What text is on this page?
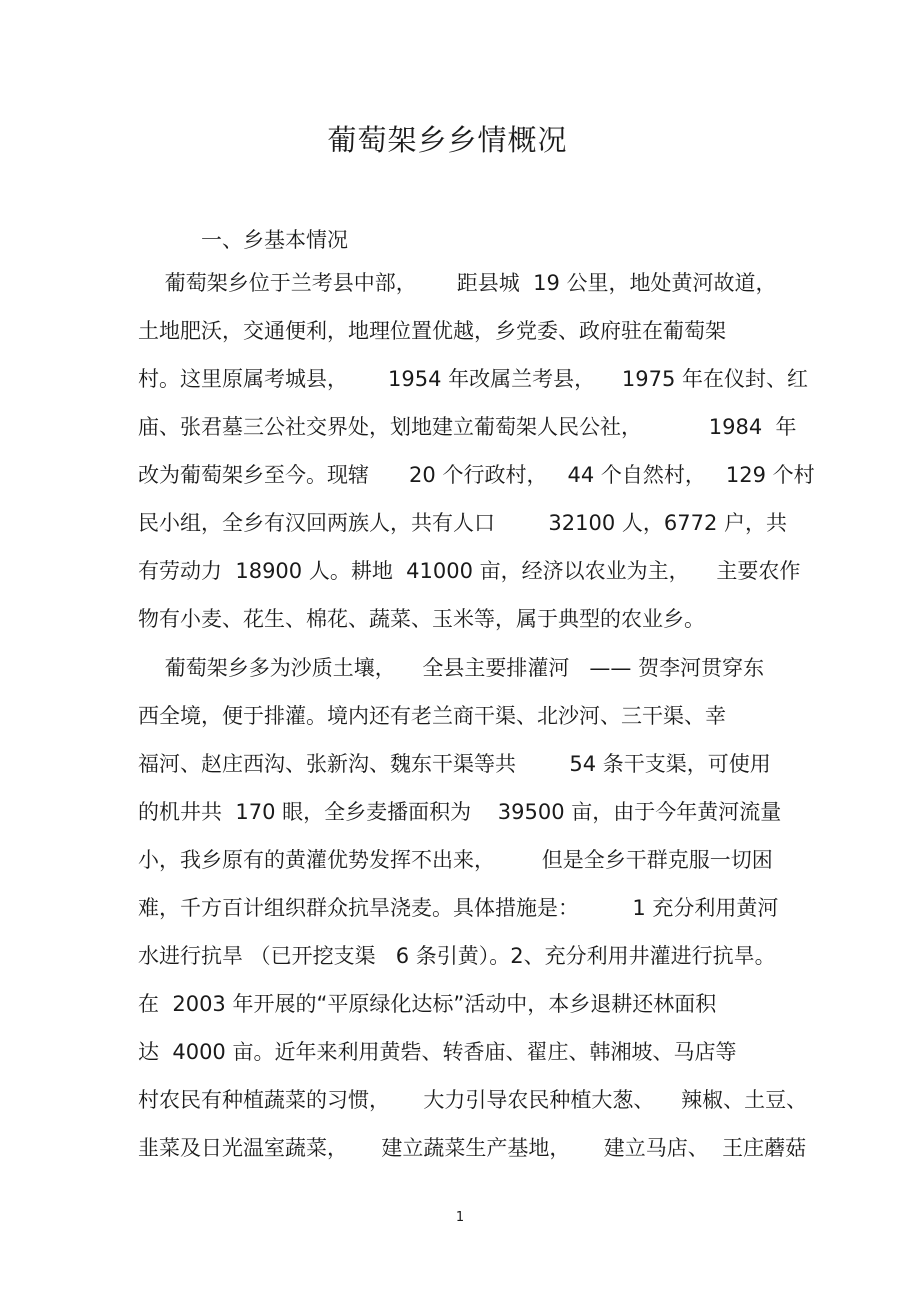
葡萄架乡乡情概况
一、乡基本情况
葡萄架乡位于兰考县中部，      距县城  19 公里，地处黄河故道，
土地肥沃，交通便利，地理位置优越，乡党委、政府驻在葡萄架
村。这里原属考城县，      1954 年改属兰考县，    1975 年在仪封、红
庙、张君墓三公社交界处，划地建立葡萄架人民公社，          1984  年
改为葡萄架乡至今。现辖      20 个行政村，   44 个自然村，   129 个村
民小组，全乡有汉回两族人，共有人口        32100 人，6772 户，共
有劳动力  18900 人。耕地  41000 亩，经济以农业为主，    主要农作
物有小麦、花生、棉花、蔬菜、玉米等，属于典型的农业乡。
葡萄架乡多为沙质土壤，    全县主要排灌河   —— 贺李河贯穿东
西全境，便于排灌。境内还有老兰商干渠、北沙河、三干渠、幸
福河、赵庄西沟、张新沟、魏东干渠等共        54 条干支渠，可使用
的机井共  170 眼，全乡麦播面积为    39500 亩，由于今年黄河流量
小，我乡原有的黄灌优势发挥不出来，       但是全乡干群克服一切困
难，千方百计组织群众抗旱浇麦。具体措施是：        1 充分利用黄河
水进行抗旱 （已开挖支渠   6 条引黄）。2、充分利用井灌进行抗旱。
在  2003 年开展的“平原绿化达标”活动中，本乡退耕还林面积
达  4000 亩。近年来利用黄砦、转香庙、翟庄、韩湘坡、马店等
村农民有种植蔬菜的习惯，     大力引导农民种植大葱、    辣椒、土豆、
韭菜及日光温室蔬菜，     建立蔬菜生产基地，     建立马店、  王庄蘑菇
1
